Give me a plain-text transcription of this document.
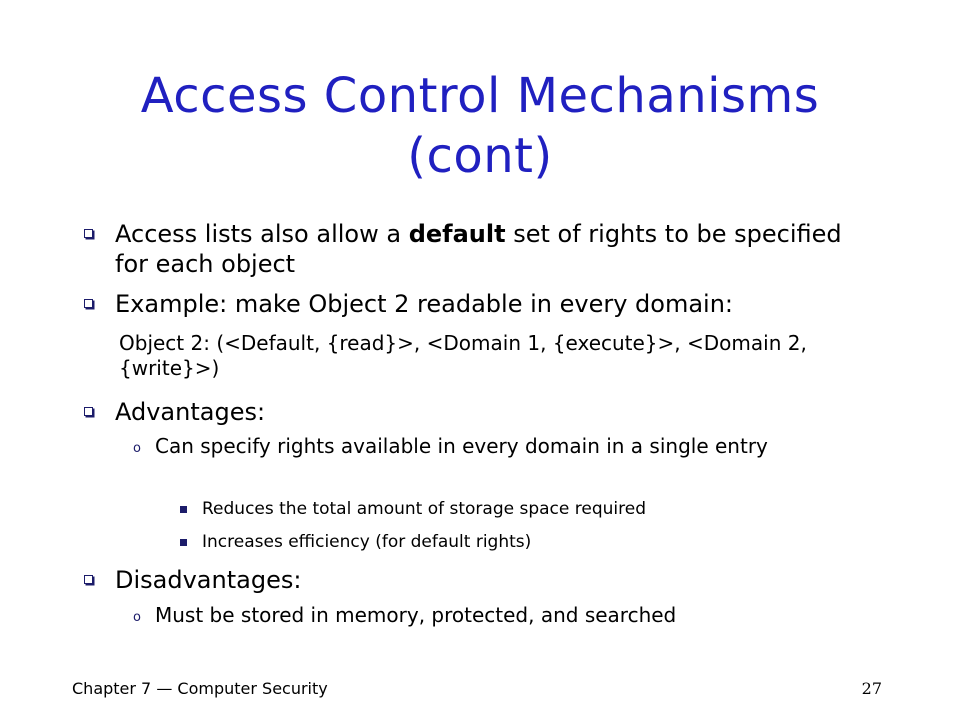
Access Control Mechanisms
(cont)
Access lists also allow a default set of rights to be specified for each object
Example: make Object 2 readable in every domain:
Object 2: (<Default, {read}>, <Domain 1, {execute}>, <Domain 2, {write}>)
Advantages:
o Can specify rights available in every domain in a single entry
Reduces the total amount of storage space required
Increases efficiency (for default rights)
Disadvantages:
o Must be stored in memory, protected, and searched
Chapter 7 — Computer Security	27
